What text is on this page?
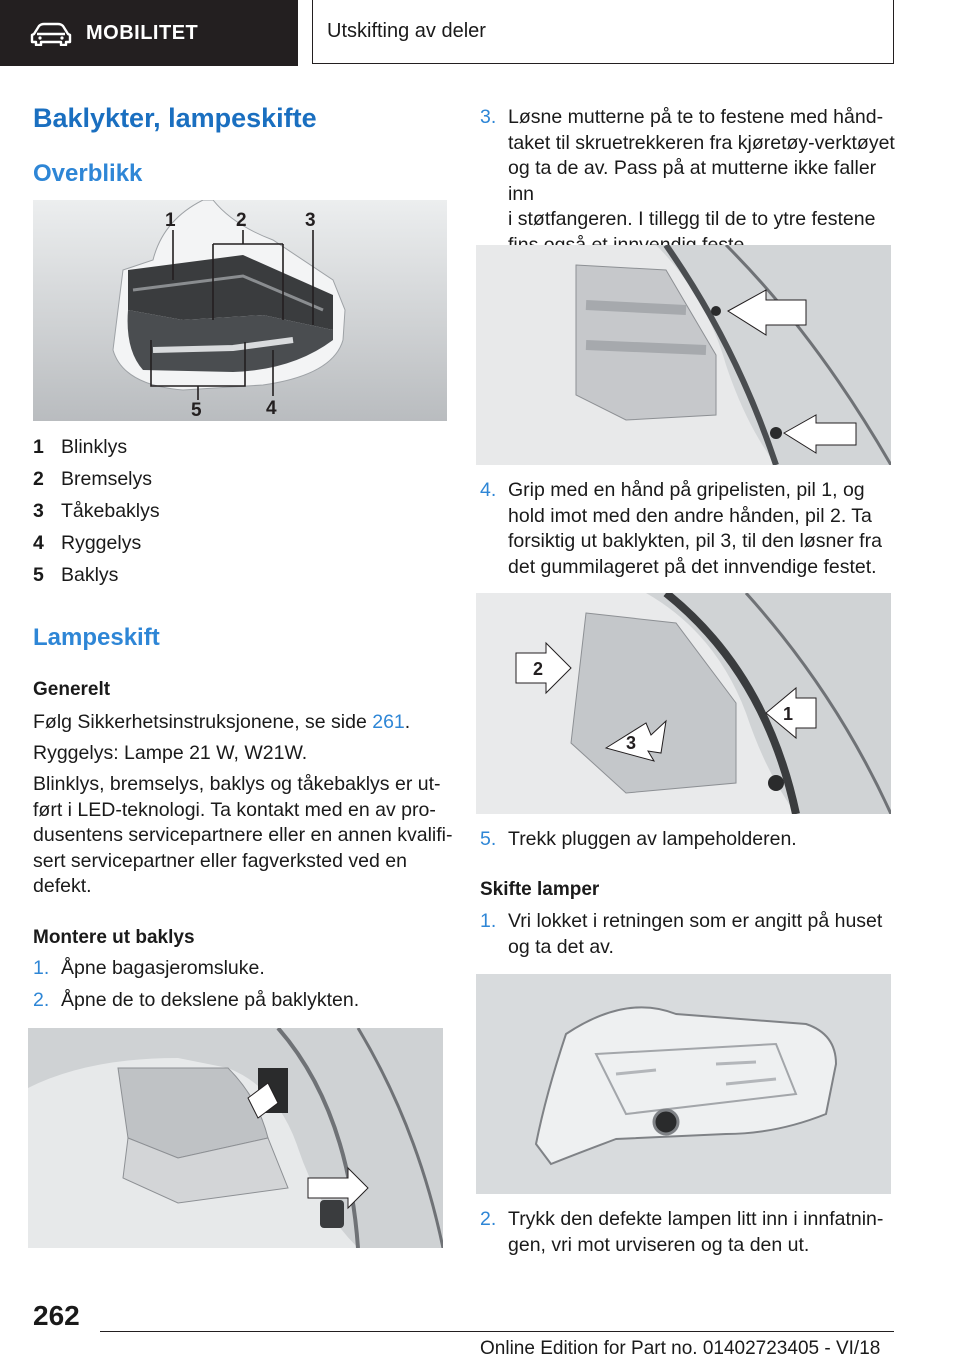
MOBILITET	Utskifting av deler
Baklykter, lampeskifte
Overblikk
1	2	3
4
5
1 Blinklys
2 Bremselys
3 Tåkebaklys
4 Ryggelys
5 Baklys
Lampeskift
Generelt
Følg Sikkerhetsinstruksjonene, se side 261.
Ryggelys: Lampe 21 W, W21W.
Blinklys, bremselys, baklys og tåkebaklys er ut-
ført i LED-teknologi. Ta kontakt med en av pro-
dusentens servicepartnere eller en annen kvalifi-
sert servicepartner eller fagverksted ved en
defekt.
Montere ut baklys
1. Åpne bagasjeromsluke.
2. Åpne de to dekslene på baklykten.
3. Løsne mutterne på te to festene med hånd-
taket til skruetrekkeren fra kjøretøy-verktøyet
og ta de av. Pass på at mutterne ikke faller inn
i støtfangeren. I tillegg til de to ytre festene
4. Grip med en hånd på gripelisten, pil 1, og
hold imot med den andre hånden, pil 2. Ta
forsiktig ut baklykten, pil 3, til den løsner fra
det gummilageret på det innvendige festet.
1
2
3
5. Trekk pluggen av lampeholderen.
Skifte lamper
1. Vri lokket i retningen som er angitt på huset
og ta det av.
2. Trykk den defekte lampen litt inn i innfatnin-
gen, vri mot urviseren og ta den ut.
262
Online Edition for Part no. 01402723405 - VI/18
